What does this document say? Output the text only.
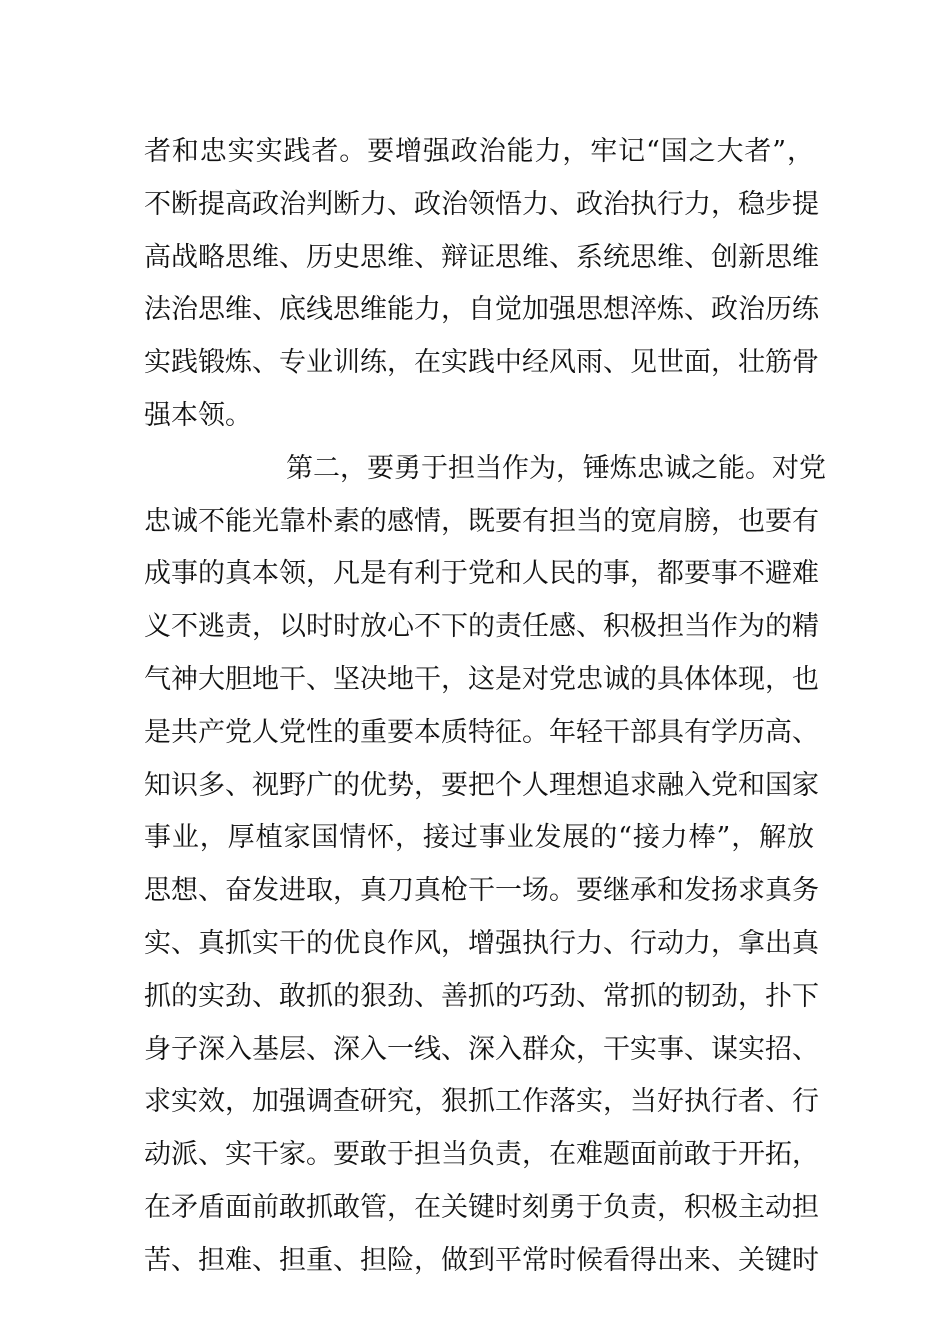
者和忠实实践者。要增强政治能力，牢记“国之大者”，
不断提高政治判断力、政治领悟力、政治执行力，稳步提
高战略思维、历史思维、辩证思维、系统思维、创新思维
法治思维、底线思维能力，自觉加强思想淬炼、政治历练
实践锻炼、专业训练，在实践中经风雨、见世面，壮筋骨
强本领。
第二，要勇于担当作为，锤炼忠诚之能。对党
忠诚不能光靠朴素的感情，既要有担当的宽肩膀，也要有
成事的真本领，凡是有利于党和人民的事，都要事不避难
义不逃责，以时时放心不下的责任感、积极担当作为的精
气神大胆地干、坚决地干，这是对党忠诚的具体体现，也
是共产党人党性的重要本质特征。年轻干部具有学历高、
知识多、视野广的优势，要把个人理想追求融入党和国家
事业，厚植家国情怀，接过事业发展的“接力棒”，解放
思想、奋发进取，真刀真枪干一场。要继承和发扬求真务
实、真抓实干的优良作风，增强执行力、行动力，拿出真
抓的实劲、敢抓的狠劲、善抓的巧劲、常抓的韧劲，扑下
身子深入基层、深入一线、深入群众，干实事、谋实招、
求实效，加强调查研究，狠抓工作落实，当好执行者、行
动派、实干家。要敢于担当负责，在难题面前敢于开拓，
在矛盾面前敢抓敢管，在关键时刻勇于负责，积极主动担
苦、担难、担重、担险，做到平常时候看得出来、关键时
